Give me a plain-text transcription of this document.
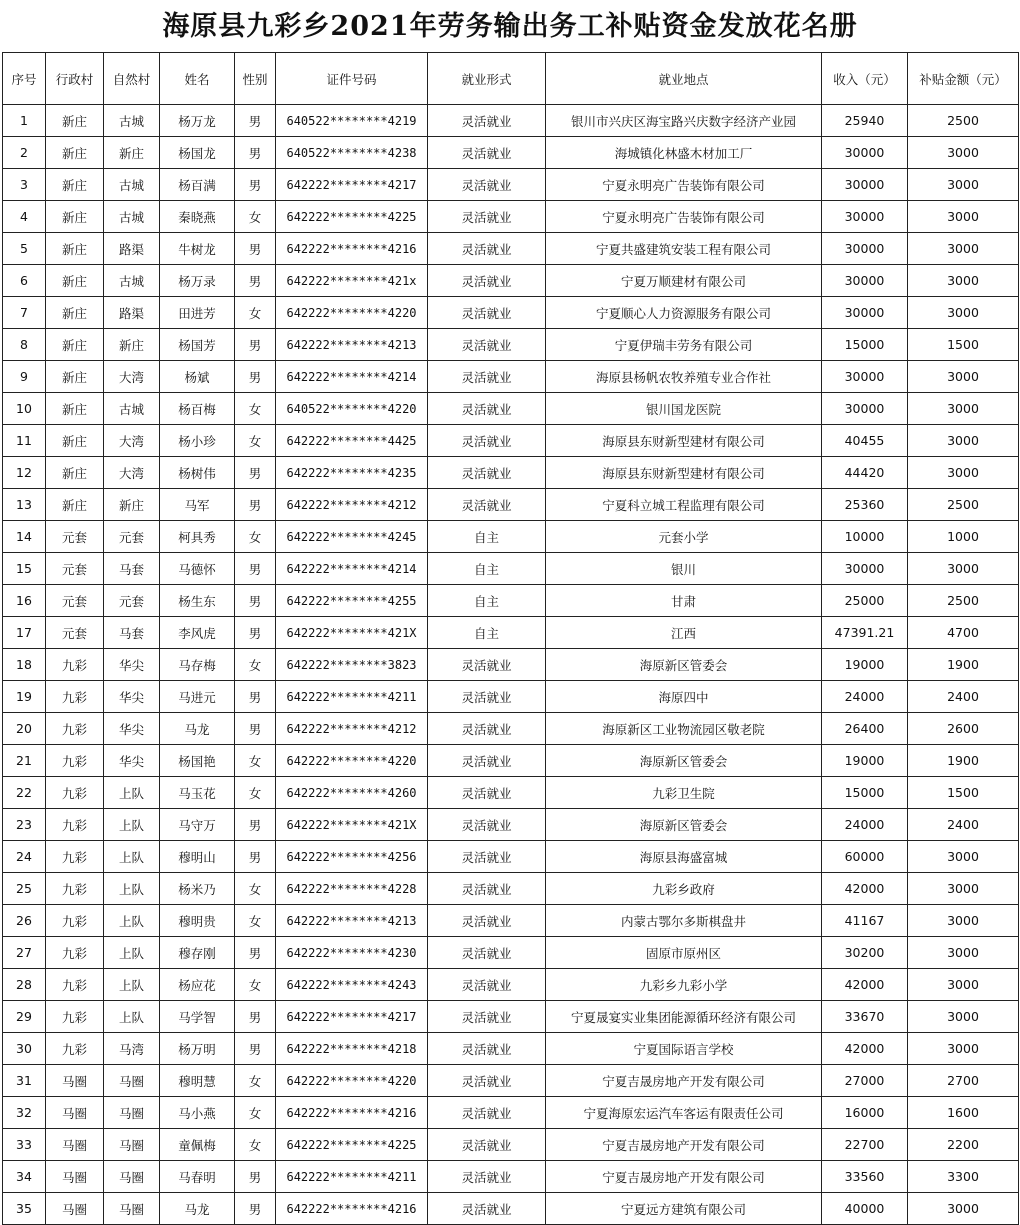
海原县九彩乡2021年劳务输出务工补贴资金发放花名册
序号	行政村	自然村	姓名	性别	证件号码	就业形式	就业地点	收入（元）	补贴金额（元）
1	新庄	古城	杨万龙	男	640522********4219	灵活就业	银川市兴庆区海宝路兴庆数字经济产业园	25940	2500
2	新庄	新庄	杨国龙	男	640522********4238	灵活就业	海城镇化林盛木材加工厂	30000	3000
3	新庄	古城	杨百满	男	642222********4217	灵活就业	宁夏永明亮广告装饰有限公司	30000	3000
4	新庄	古城	秦晓燕	女	642222********4225	灵活就业	宁夏永明亮广告装饰有限公司	30000	3000
5	新庄	路渠	牛树龙	男	642222********4216	灵活就业	宁夏共盛建筑安装工程有限公司	30000	3000
6	新庄	古城	杨万录	男	642222********421x	灵活就业	宁夏万顺建材有限公司	30000	3000
7	新庄	路渠	田进芳	女	642222********4220	灵活就业	宁夏顺心人力资源服务有限公司	30000	3000
8	新庄	新庄	杨国芳	男	642222********4213	灵活就业	宁夏伊瑞丰劳务有限公司	15000	1500
9	新庄	大湾	杨斌	男	642222********4214	灵活就业	海原县杨帆农牧养殖专业合作社	30000	3000
10	新庄	古城	杨百梅	女	640522********4220	灵活就业	银川国龙医院	30000	3000
11	新庄	大湾	杨小珍	女	642222********4425	灵活就业	海原县东财新型建材有限公司	40455	3000
12	新庄	大湾	杨树伟	男	642222********4235	灵活就业	海原县东财新型建材有限公司	44420	3000
13	新庄	新庄	马军	男	642222********4212	灵活就业	宁夏科立城工程监理有限公司	25360	2500
14	元套	元套	柯具秀	女	642222********4245	自主	元套小学	10000	1000
15	元套	马套	马德怀	男	642222********4214	自主	银川	30000	3000
16	元套	元套	杨生东	男	642222********4255	自主	甘肃	25000	2500
17	元套	马套	李风虎	男	642222********421X	自主	江西	47391.21	4700
18	九彩	华尖	马存梅	女	642222********3823	灵活就业	海原新区管委会	19000	1900
19	九彩	华尖	马进元	男	642222********4211	灵活就业	海原四中	24000	2400
20	九彩	华尖	马龙	男	642222********4212	灵活就业	海原新区工业物流园区敬老院	26400	2600
21	九彩	华尖	杨国艳	女	642222********4220	灵活就业	海原新区管委会	19000	1900
22	九彩	上队	马玉花	女	642222********4260	灵活就业	九彩卫生院	15000	1500
23	九彩	上队	马守万	男	642222********421X	灵活就业	海原新区管委会	24000	2400
24	九彩	上队	穆明山	男	642222********4256	灵活就业	海原县海盛富城	60000	3000
25	九彩	上队	杨米乃	女	642222********4228	灵活就业	九彩乡政府	42000	3000
26	九彩	上队	穆明贵	女	642222********4213	灵活就业	内蒙古鄂尔多斯棋盘井	41167	3000
27	九彩	上队	穆存刚	男	642222********4230	灵活就业	固原市原州区	30200	3000
28	九彩	上队	杨应花	女	642222********4243	灵活就业	九彩乡九彩小学	42000	3000
29	九彩	上队	马学智	男	642222********4217	灵活就业	宁夏晟宴实业集团能源循环经济有限公司	33670	3000
30	九彩	马湾	杨万明	男	642222********4218	灵活就业	宁夏国际语言学校	42000	3000
31	马圈	马圈	穆明慧	女	642222********4220	灵活就业	宁夏吉晟房地产开发有限公司	27000	2700
32	马圈	马圈	马小燕	女	642222********4216	灵活就业	宁夏海原宏运汽车客运有限责任公司	16000	1600
33	马圈	马圈	童佩梅	女	642222********4225	灵活就业	宁夏吉晟房地产开发有限公司	22700	2200
34	马圈	马圈	马春明	男	642222********4211	灵活就业	宁夏吉晟房地产开发有限公司	33560	3300
35	马圈	马圈	马龙	男	642222********4216	灵活就业	宁夏远方建筑有限公司	40000	3000
